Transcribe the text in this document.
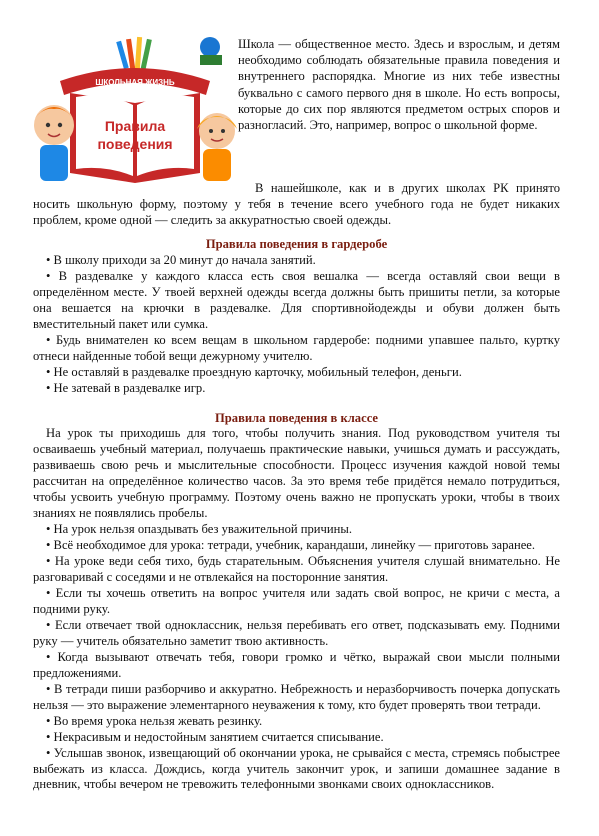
ШКОЛЬНАЯ ЖИЗНЬ
Правила
поведения

Школа — общественное место. Здесь и взрослым, и детям необходимо соблюдать обязательные правила поведения и внутреннего распорядка. Многие из них тебе известны буквально с самого первого дня в школе. Но есть вопросы, которые до сих пор являются предметом острых споров и разногласий. Это, например, вопрос о школьной форме.

В нашейшколе, как и в других школах РК принято носить школьную форму, поэтому у тебя в течение всего учебного года не будет никаких проблем, кроме одной — следить за аккуратностью своей одежды.

Правила поведения в гардеробе

• В школу приходи за 20 минут до начала занятий.

• В раздевалке у каждого класса есть своя вешалка — всегда оставляй свои вещи в определённом месте. У твоей верхней одежды всегда должны быть пришиты петли, за которые она вешается на крючки в раздевалке. Для спортивнойодежды и обуви должен быть вместительный пакет или сумка.

• Будь внимателен ко всем вещам в школьном гардеробе: подними упавшее пальто, куртку отнеси найденные тобой вещи дежурному учителю.

• Не оставляй в раздевалке проездную карточку, мобильный телефон, деньги.

• Не затевай в раздевалке игр.

Правила поведения в классе

На урок ты приходишь для того, чтобы получить знания. Под руководством учителя ты осваиваешь учебный материал, получаешь практические навыки, учишься думать и рассуждать, развиваешь свою речь и мыслительные способности. Процесс изучения каждой новой темы рассчитан на определённое количество часов. За это время тебе придётся немало потрудиться, чтобы усвоить учебную программу. Поэтому очень важно не пропускать уроки, чтобы в твоих знаниях не появлялись пробелы.

• На урок нельзя опаздывать без уважительной причины.

• Всё необходимое для урока: тетради, учебник, карандаши, линейку — приготовь заранее.

• На уроке веди себя тихо, будь старательным. Объяснения учителя слушай внимательно. Не разговаривай с соседями и не отвлекайся на посторонние занятия.

• Если ты хочешь ответить на вопрос учителя или задать свой вопрос, не кричи с места, а подними руку.

• Если отвечает твой одноклассник, нельзя перебивать его ответ, подсказывать ему. Подними руку — учитель обязательно заметит твою активность.

• Когда вызывают отвечать тебя, говори громко и чётко, выражай свои мысли полными предложениями.

• В тетради пиши разборчиво и аккуратно. Небрежность и неразборчивость почерка допускать нельзя — это выражение элементарного неуважения к тому, кто будет проверять твои тетради.

• Во время урока нельзя жевать резинку.

• Некрасивым и недостойным занятием считается списывание.

• Услышав звонок, извещающий об окончании урока, не срывайся с места, стремясь побыстрее выбежать из класса. Дождись, когда учитель закончит урок, и запиши домашнее задание в дневник, чтобы вечером не тревожить телефонными звонками своих одноклассников.
